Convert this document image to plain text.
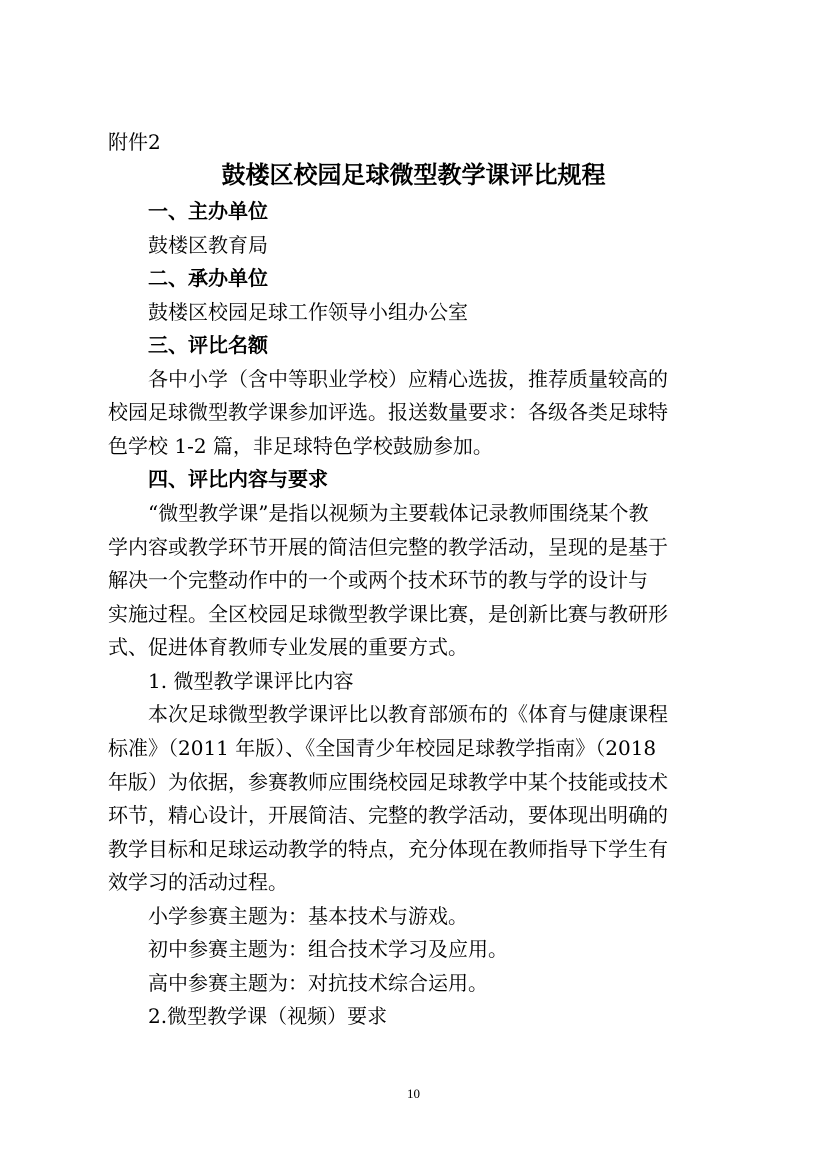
附件2
鼓楼区校园足球微型教学课评比规程
一、主办单位
鼓楼区教育局
二、承办单位
鼓楼区校园足球工作领导小组办公室
三、评比名额
各中小学（含中等职业学校）应精心选拔，推荐质量较高的
校园足球微型教学课参加评选。报送数量要求：各级各类足球特
色学校 1-2 篇，非足球特色学校鼓励参加。
四、评比内容与要求
“微型教学课”是指以视频为主要载体记录教师围绕某个教
学内容或教学环节开展的简洁但完整的教学活动，呈现的是基于
解决一个完整动作中的一个或两个技术环节的教与学的设计与
实施过程。全区校园足球微型教学课比赛，是创新比赛与教研形
式、促进体育教师专业发展的重要方式。
1. 微型教学课评比内容
本次足球微型教学课评比以教育部颁布的《体育与健康课程
标准》（2011 年版）、《全国青少年校园足球教学指南》（2018
年版）为依据，参赛教师应围绕校园足球教学中某个技能或技术
环节，精心设计，开展简洁、完整的教学活动，要体现出明确的
教学目标和足球运动教学的特点，充分体现在教师指导下学生有
效学习的活动过程。
小学参赛主题为：基本技术与游戏。
初中参赛主题为：组合技术学习及应用。
高中参赛主题为：对抗技术综合运用。
2.微型教学课（视频）要求
10
